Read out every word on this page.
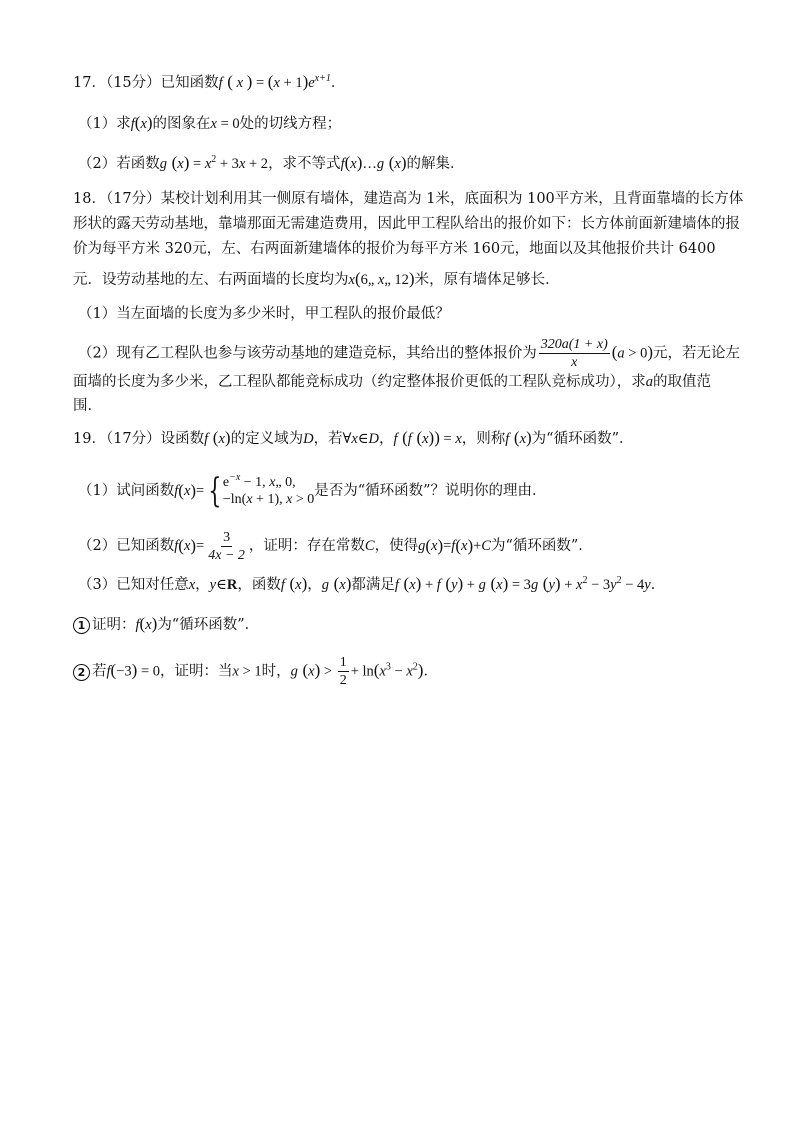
17．（15分）已知函数f ( x ) = $(x + 1)e^{x+1}$．
（1）求f(x)的图象在x = 0处的切线方程；
（2）若函数g $(x) = x^2 + 3x + 2$，求不等式f(x)…g (x)的解集．
18．（17分）某校计划利用其一侧原有墙体，建造高为 1米，底面积为 100平方米，且背面靠墙的长方体
形状的露天劳动基地，靠墙那面无需建造费用，因此甲工程队给出的报价如下：长方体前面新建墙体的报
价为每平方米 320元，左、右两面新建墙体的报价为每平方米 160元，地面以及其他报价共计 6400
元．设劳动基地的左、右两面墙的长度均为x(6„ x„ 12)米，原有墙体足够长．
（1）当左面墙的长度为多少米时，甲工程队的报价最低？
（2）现有乙工程队也参与该劳动基地的建造竞标，其给出的整体报价为 $\frac{320a(1 + x)}{x} (a > 0)$元，若无论左
面墙的长度为多少米，乙工程队都能竞标成功（约定整体报价更低的工程队竞标成功），求a的取值范
围．
19．（17分）设函数f (x)的定义域为D，若∀x∈D，f (f (x)) = x，则称f (x)为“循环函数”．
（1）试问函数 f ( x ) = { $e^{-x} - 1$, x„ 0,
−ln(x + 1), x > 0
是否为“循环函数”？说明你的理由．
（2）已知函数 f ( x ) = $\frac{3}{4x - 2}$ ，证明：存在常数 C ，使得 g ( x ) = f ( x ) + C 为“循环函数”．
（3）已知对任意x，y∈R，函数f (x)，g (x)都满足f (x) + f (y) + g (x) = 3g $(y) + x^2 - 3y^2 - 4y$．
1 证明：f(x)为“循环函数”．
2 若f(−3) = 0，证明：当x > 1时，g $(x) > \frac{1}{2} + \ln(x^3 - x^2)$．
